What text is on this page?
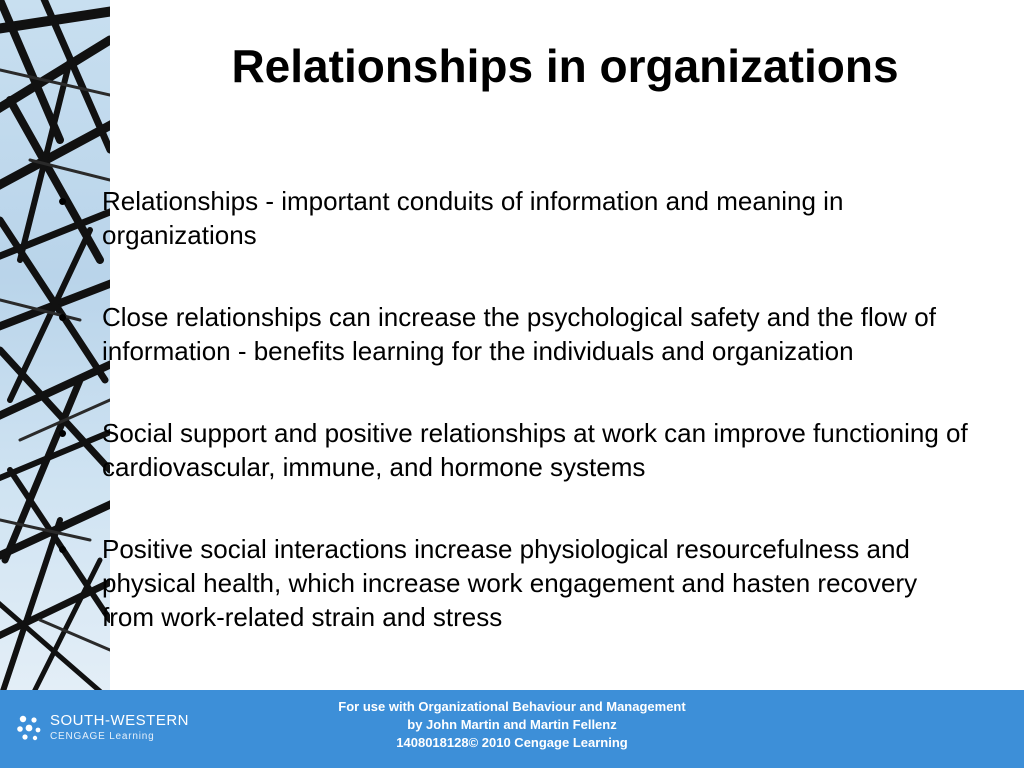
Relationships in organizations
• Relationships - important conduits of information and meaning in organizations
• Close relationships can increase the psychological safety and the flow of information - benefits learning for the individuals and organization
• Social support and positive relationships at work can improve functioning of cardiovascular, immune, and hormone systems
• Positive social interactions increase physiological resourcefulness and physical health, which increase work engagement and hasten recovery from work-related strain and stress
SOUTH-WESTERN
CENGAGE Learning
For use with Organizational Behaviour and Management
by John Martin and Martin Fellenz
1408018128© 2010 Cengage Learning
